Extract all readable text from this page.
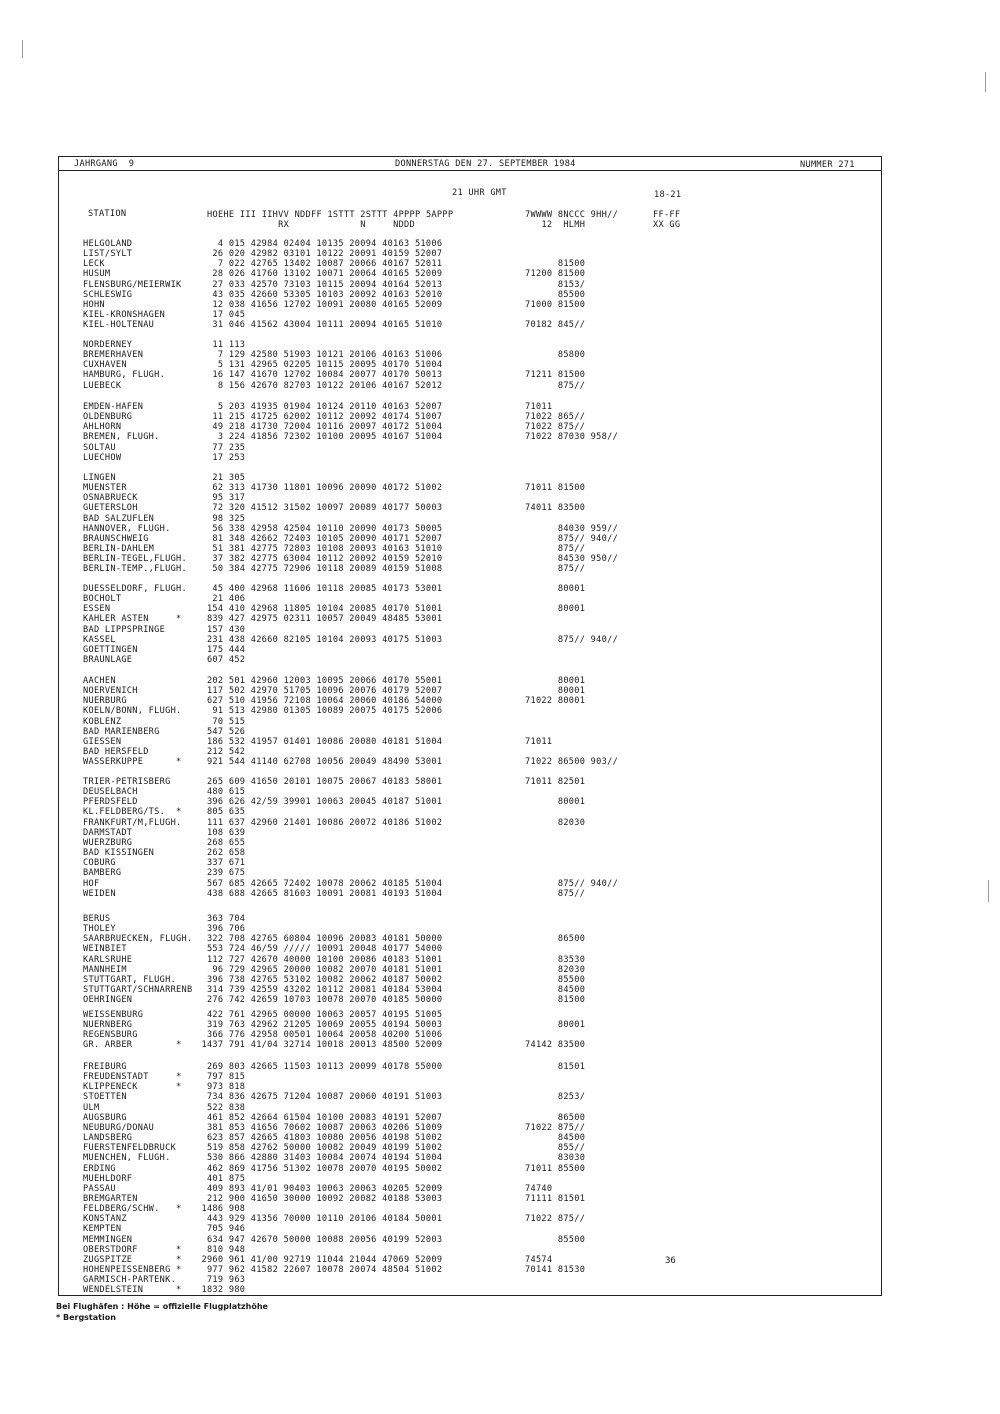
JAHRGANG  9	DONNERSTAG DEN 27. SEPTEMBER 1984	NUMMER 271
21 UHR GMT	18-21
STATION	HOEHE III IIHVV NDDFF 1STTT 2STTT 4PPPP 5APPP
RX             N     NDDD
7WWWW 8NCCC 9HH//
12  HLMH
FF-FF
XX GG
HELGOLAND	4 015 42984 02404 10135 20094 40163 51006
LIST/SYLT	26 020 42982 03101 10122 20091 40159 52007
LECK	7 022 42765 13402 10087 20066 40167 52011	81500
HUSUM	28 026 41760 13102 10071 20064 40165 52009	71200 81500
FLENSBURG/MEIERWIK 27 033 42570 73103 10115 20094 40164 52013	8153/
SCHLESWIG	43 035 42660 53305 10103 20092 40163 52010	85500
HOHN	12 038 41656 12702 10091 20080 40165 52009	71000 81500
KIEL-KRONSHAGEN	17 045
KIEL-HOLTENAU	31 046 41562 43004 10111 20094 40165 51010	70182 845//
NORDERNEY	11 113
BREMERHAVEN	7 129 42580 51903 10121 20106 40163 51006	85800
CUXHAVEN	5 131 42965 02205 10115 20095 40170 51004
HAMBURG, FLUGH.	16 147 41670 12702 10084 20077 40170 50013	71211 81500
LUEBECK	8 156 42670 82703 10122 20106 40167 52012	875//
EMDEN-HAFEN	5 203 41935 01904 10124 20110 40163 52007	71011
OLDENBURG	11 215 41725 62002 10112 20092 40174 51007	71022 865//
AHLHORN	49 218 41730 72004 10116 20097 40172 51004	71022 875//
BREMEN, FLUGH.	3 224 41856 72302 10100 20095 40167 51004	71022 87030 958//
SOLTAU	77 235
LUECHOW	17 253
LINGEN	21 305
MUENSTER	62 313 41730 11801 10096 20090 40172 51002	71011 81500
OSNABRUECK	95 317
GUETERSLOH	72 320 41512 31502 10097 20089 40177 50003	74011 83500
BAD SALZUFLEN	98 325
HANNOVER, FLUGH.	56 338 42958 42504 10110 20090 40173 50005	84030 959//
BRAUNSCHWEIG	81 348 42662 72403 10105 20090 40171 52007	875// 940//
BERLIN-DAHLEM	51 381 42775 72803 10108 20093 40163 51010	875//
BERLIN-TEGEL,FLUGH. 37 382 42775 63004 10112 20092 40159 52010	84530 950//
BERLIN-TEMP.,FLUGH. 50 384 42775 72906 10118 20089 40159 51008	875//
DUESSELDORF, FLUGH. 45 400 42968 11606 10118 20085 40173 53001	80001
BOCHOLT	21 406
ESSEN	154 410 42968 11805 10104 20085 40170 51001	80001
KAHLER ASTEN     * 839 427 42975 02311 10057 20049 48485 53001
BAD LIPPSPRINGE	157 430
KASSEL	231 438 42660 82105 10104 20093 40175 51003	875// 940//
GOETTINGEN	175 444
BRAUNLAGE	607 452
AACHEN	202 501 42960 12003 10095 20066 40170 55001	80001
NOERVENICH	117 502 42970 51705 10096 20076 40179 52007	80001
NUERBURG	627 510 41956 72108 10064 20060 40186 54000	71022 80001
KOELN/BONN, FLUGH. 91 513 42980 01305 10089 20075 40175 52006
KOBLENZ	70 515
BAD MARIENBERG	547 526
GIESSEN	186 532 41957 01401 10086 20080 40181 51004	71011
BAD HERSFELD	212 542
WASSERKUPPE      * 921 544 41140 62708 10056 20049 48490 53001	71022 86500 903//
TRIER-PETRISBERG	265 609 41650 20101 10075 20067 40183 58001	71011 82501
DEUSELBACH	480 615
PFERDSFELD	396 626 42/59 39901 10063 20045 40187 51001	80001
KL.FELDBERG/TS.  * 805 635
FRANKFURT/M,FLUGH. 111 637 42960 21401 10086 20072 40186 51002	82030
DARMSTADT	108 639
WUERZBURG	268 655
BAD KISSINGEN	262 658
COBURG	337 671
BAMBERG	239 675
HOF	567 685 42665 72402 10078 20062 40185 51004	875// 940//
WEIDEN	438 688 42665 81603 10091 20081 40193 51004	875//
BERUS	363 704
THOLEY	396 706
SAARBRUECKEN, FLUGH. 322 708 42765 60804 10096 20083 40181 50000	86500
WEINBIET	553 724 46/59 ///// 10091 20048 40177 54000
KARLSRUHE	112 727 42670 40000 10100 20086 40183 51001	83530
MANNHEIM	96 729 42965 20000 10082 20070 40181 51001	82030
STUTTGART, FLUGH. 396 738 42765 53102 10082 20062 40187 50002	85500
STUTTGART/SCHNARRENB 314 739 42559 43202 10112 20081 40184 53004	84500
OEHRINGEN	276 742 42659 10703 10078 20070 40185 50000	81500
WEISSENBURG	422 761 42965 00000 10063 20057 40195 51005
NUERNBERG	319 763 42962 21205 10069 20055 40194 50003	80001
REGENSBURG	366 776 42958 00501 10064 20058 40200 51006
GR. ARBER        * 1437 791 41/04 32714 10018 20013 48500 52009	74142 83500
FREIBURG	269 803 42665 11503 10113 20099 40178 55000	81501
FREUDENSTADT     * 797 815
KLIPPENECK       * 973 818
STOETTEN	734 836 42675 71204 10087 20060 40191 51003	8253/
ULM	522 838
AUGSBURG	461 852 42664 61504 10100 20083 40191 52007	86500
NEUBURG/DONAU	381 853 41656 70602 10087 20063 40206 51009	71022 875//
LANDSBERG	623 857 42665 41803 10080 20056 40198 51002	84500
FUERSTENFELDBRUCK 519 858 42762 50000 10082 20049 40199 51002	855//
MUENCHEN, FLUGH.	530 866 42880 31403 10084 20074 40194 51004	83030
ERDING	462 869 41756 51302 10078 20070 40195 50002	71011 85500
MUEHLDORF	401 875
PASSAU	409 893 41/01 90403 10063 20063 40205 52009	74740
BREMGARTEN	212 900 41650 30000 10092 20082 40188 53003	71111 81501
FELDBERG/SCHW.   * 1486 908
KONSTANZ	443 929 41356 70000 10110 20106 40184 50001	71022 875//
KEMPTEN	705 946
MEMMINGEN	634 947 42670 50000 10088 20056 40199 52003	85500
OBERSTDORF       * 810 948
ZUGSPITZE        * 2960 961 41/00 92719 11044 21044 47069 52009	74574
HOHENPEISSENBERG * 977 962 41582 22607 10078 20074 48504 51002	70141 81530
GARMISCH-PARTENK. 719 963
WENDELSTEIN      * 1832 980
36
Bei Flughäfen : Höhe = offizielle Flugplatzhöhe
* Bergstation
